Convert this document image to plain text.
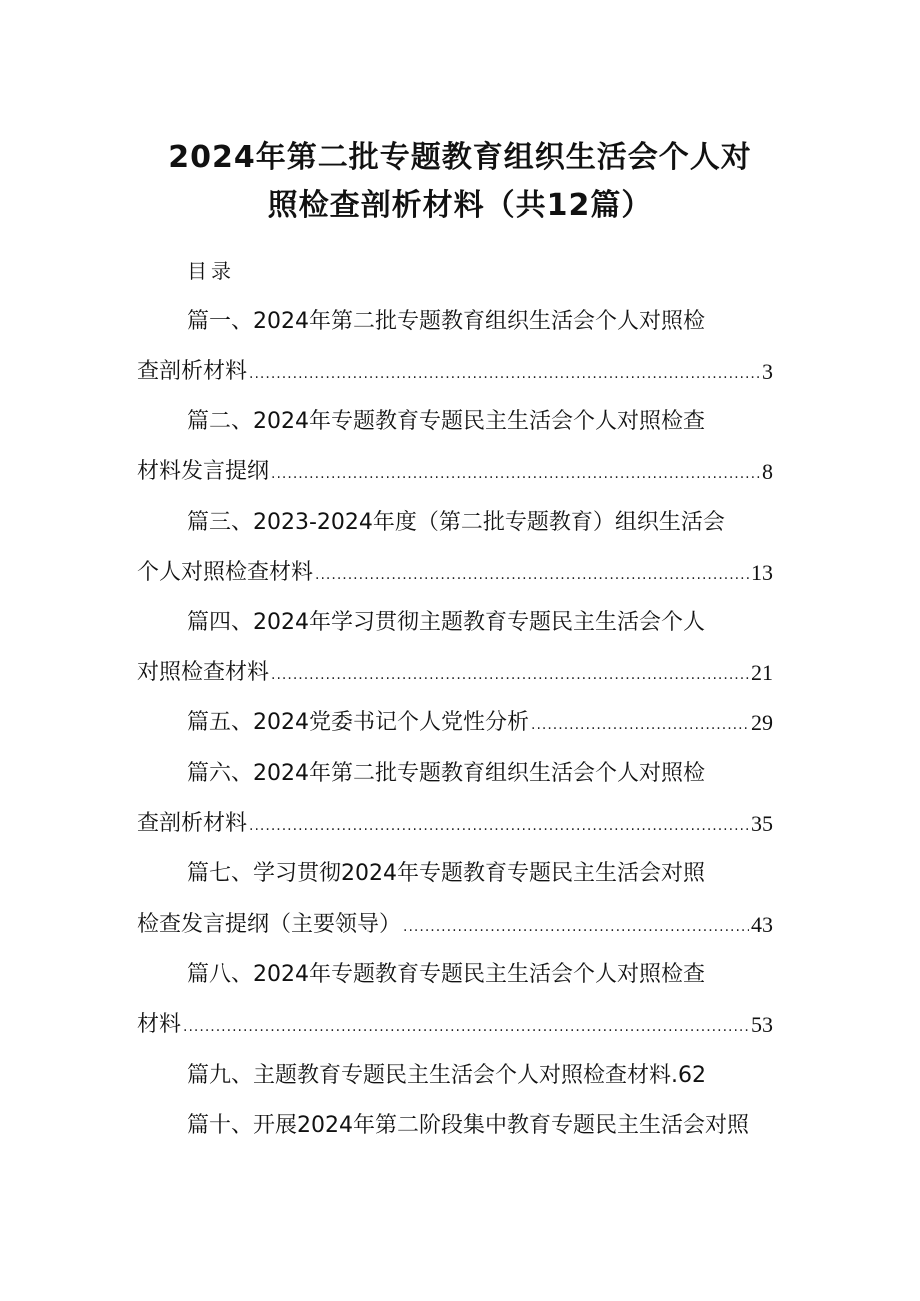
2024年第二批专题教育组织生活会个人对
照检查剖析材料（共12篇）
目录
篇一、2024年第二批专题教育组织生活会个人对照检
查剖析材料 .....	3
篇二、2024年专题教育专题民主生活会个人对照检查
材料发言提纲 .....	8
篇三、2023-2024年度（第二批专题教育）组织生活会
个人对照检查材料 .....	13
篇四、2024年学习贯彻主题教育专题民主生活会个人
对照检查材料 .....	21
篇五、2024党委书记个人党性分析 .....	29
篇六、2024年第二批专题教育组织生活会个人对照检
查剖析材料 .....	35
篇七、学习贯彻2024年专题教育专题民主生活会对照
检查发言提纲（主要领导） .....	43
篇八、2024年专题教育专题民主生活会个人对照检查
材料 .....	53
篇九、主题教育专题民主生活会个人对照检查材料.62
篇十、开展2024年第二阶段集中教育专题民主生活会对照
